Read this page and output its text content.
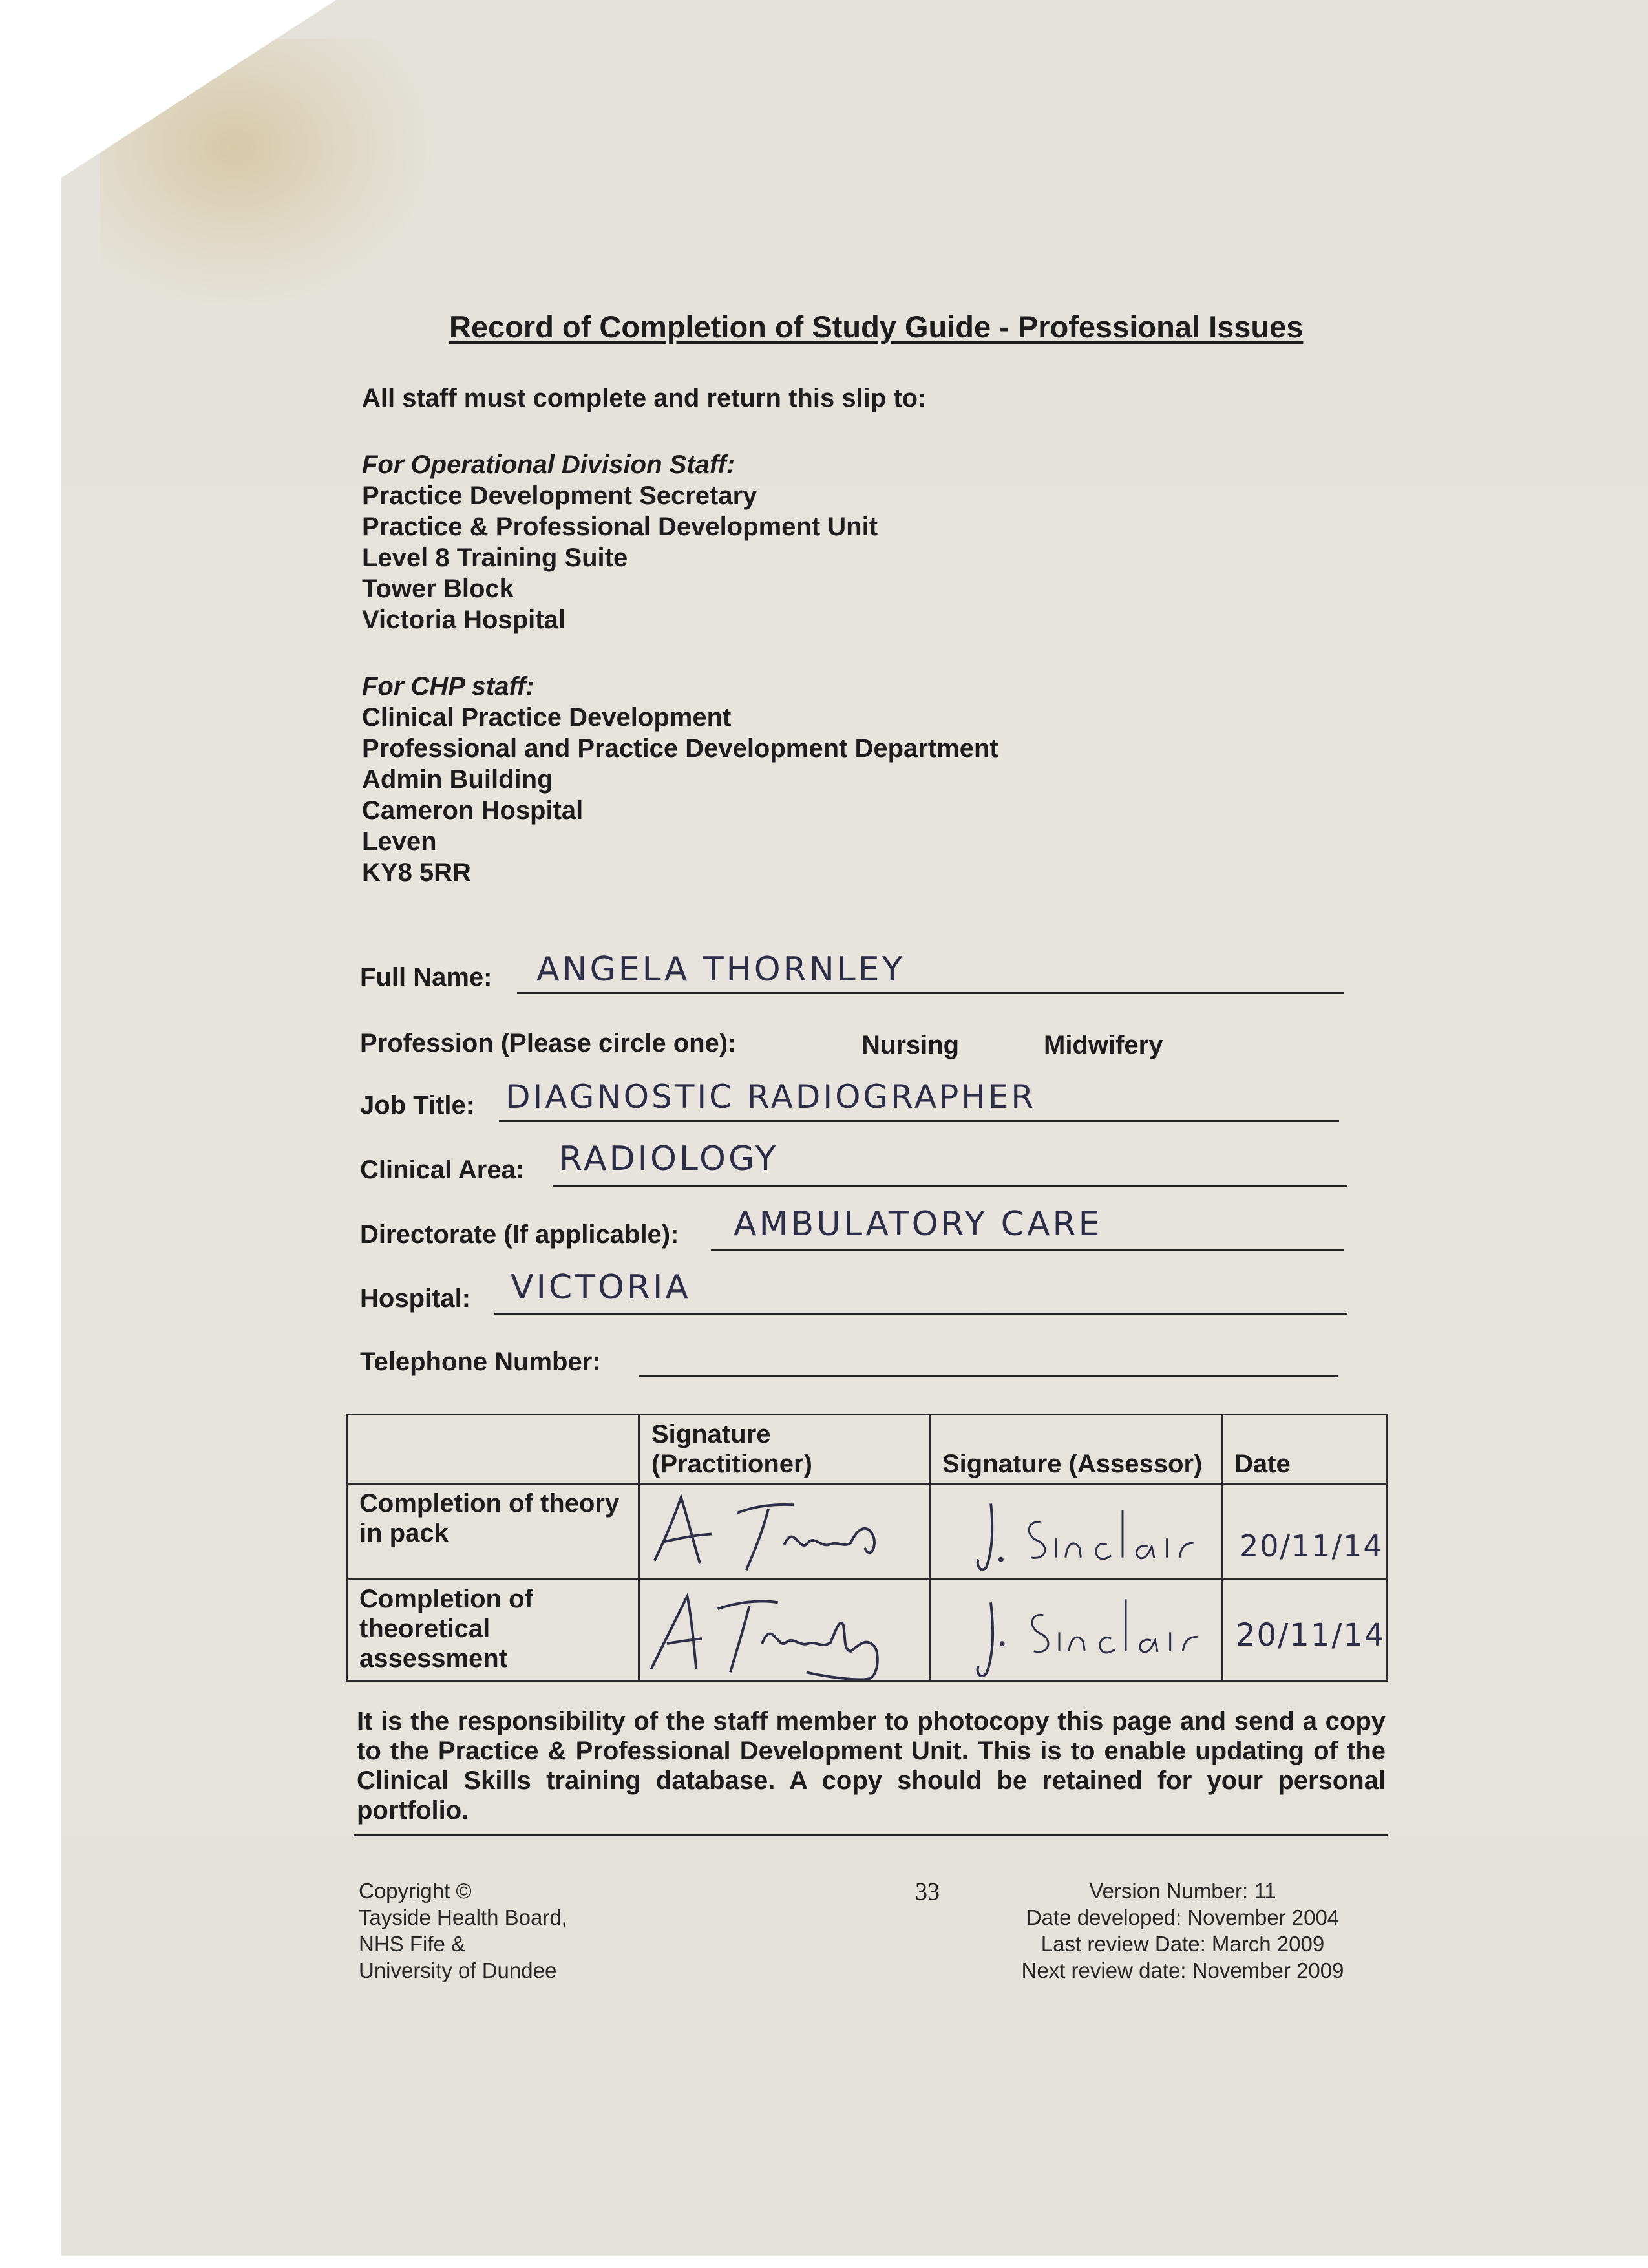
Record of Completion of Study Guide - Professional Issues
All staff must complete and return this slip to:
For Operational Division Staff:
Practice Development Secretary
Practice & Professional Development Unit
Level 8 Training Suite
Tower Block
Victoria Hospital
For CHP staff:
Clinical Practice Development
Professional and Practice Development Department
Admin Building
Cameron Hospital
Leven
KY8 5RR
Full Name: ANGELA THORNLEY
Profession (Please circle one):	Nursing	Midwifery
Job Title: DIAGNOSTIC RADIOGRAPHER
Clinical Area: RADIOLOGY
Directorate (If applicable): AMBULATORY CARE
Hospital: VICTORIA
Telephone Number:
	Signature (Practitioner)	Signature (Assessor)	Date
Completion of theory in pack			20/11/14

Completion of theoretical assessment			20/11/14
It is the responsibility of the staff member to photocopy this page and send a copy to the Practice & Professional Development Unit. This is to enable updating of the Clinical Skills training database. A copy should be retained for your personal portfolio.
Copyright ©
Tayside Health Board,
NHS Fife &
University of Dundee
33	Version Number: 11
Date developed: November 2004
Last review Date: March 2009
Next review date: November 2009
